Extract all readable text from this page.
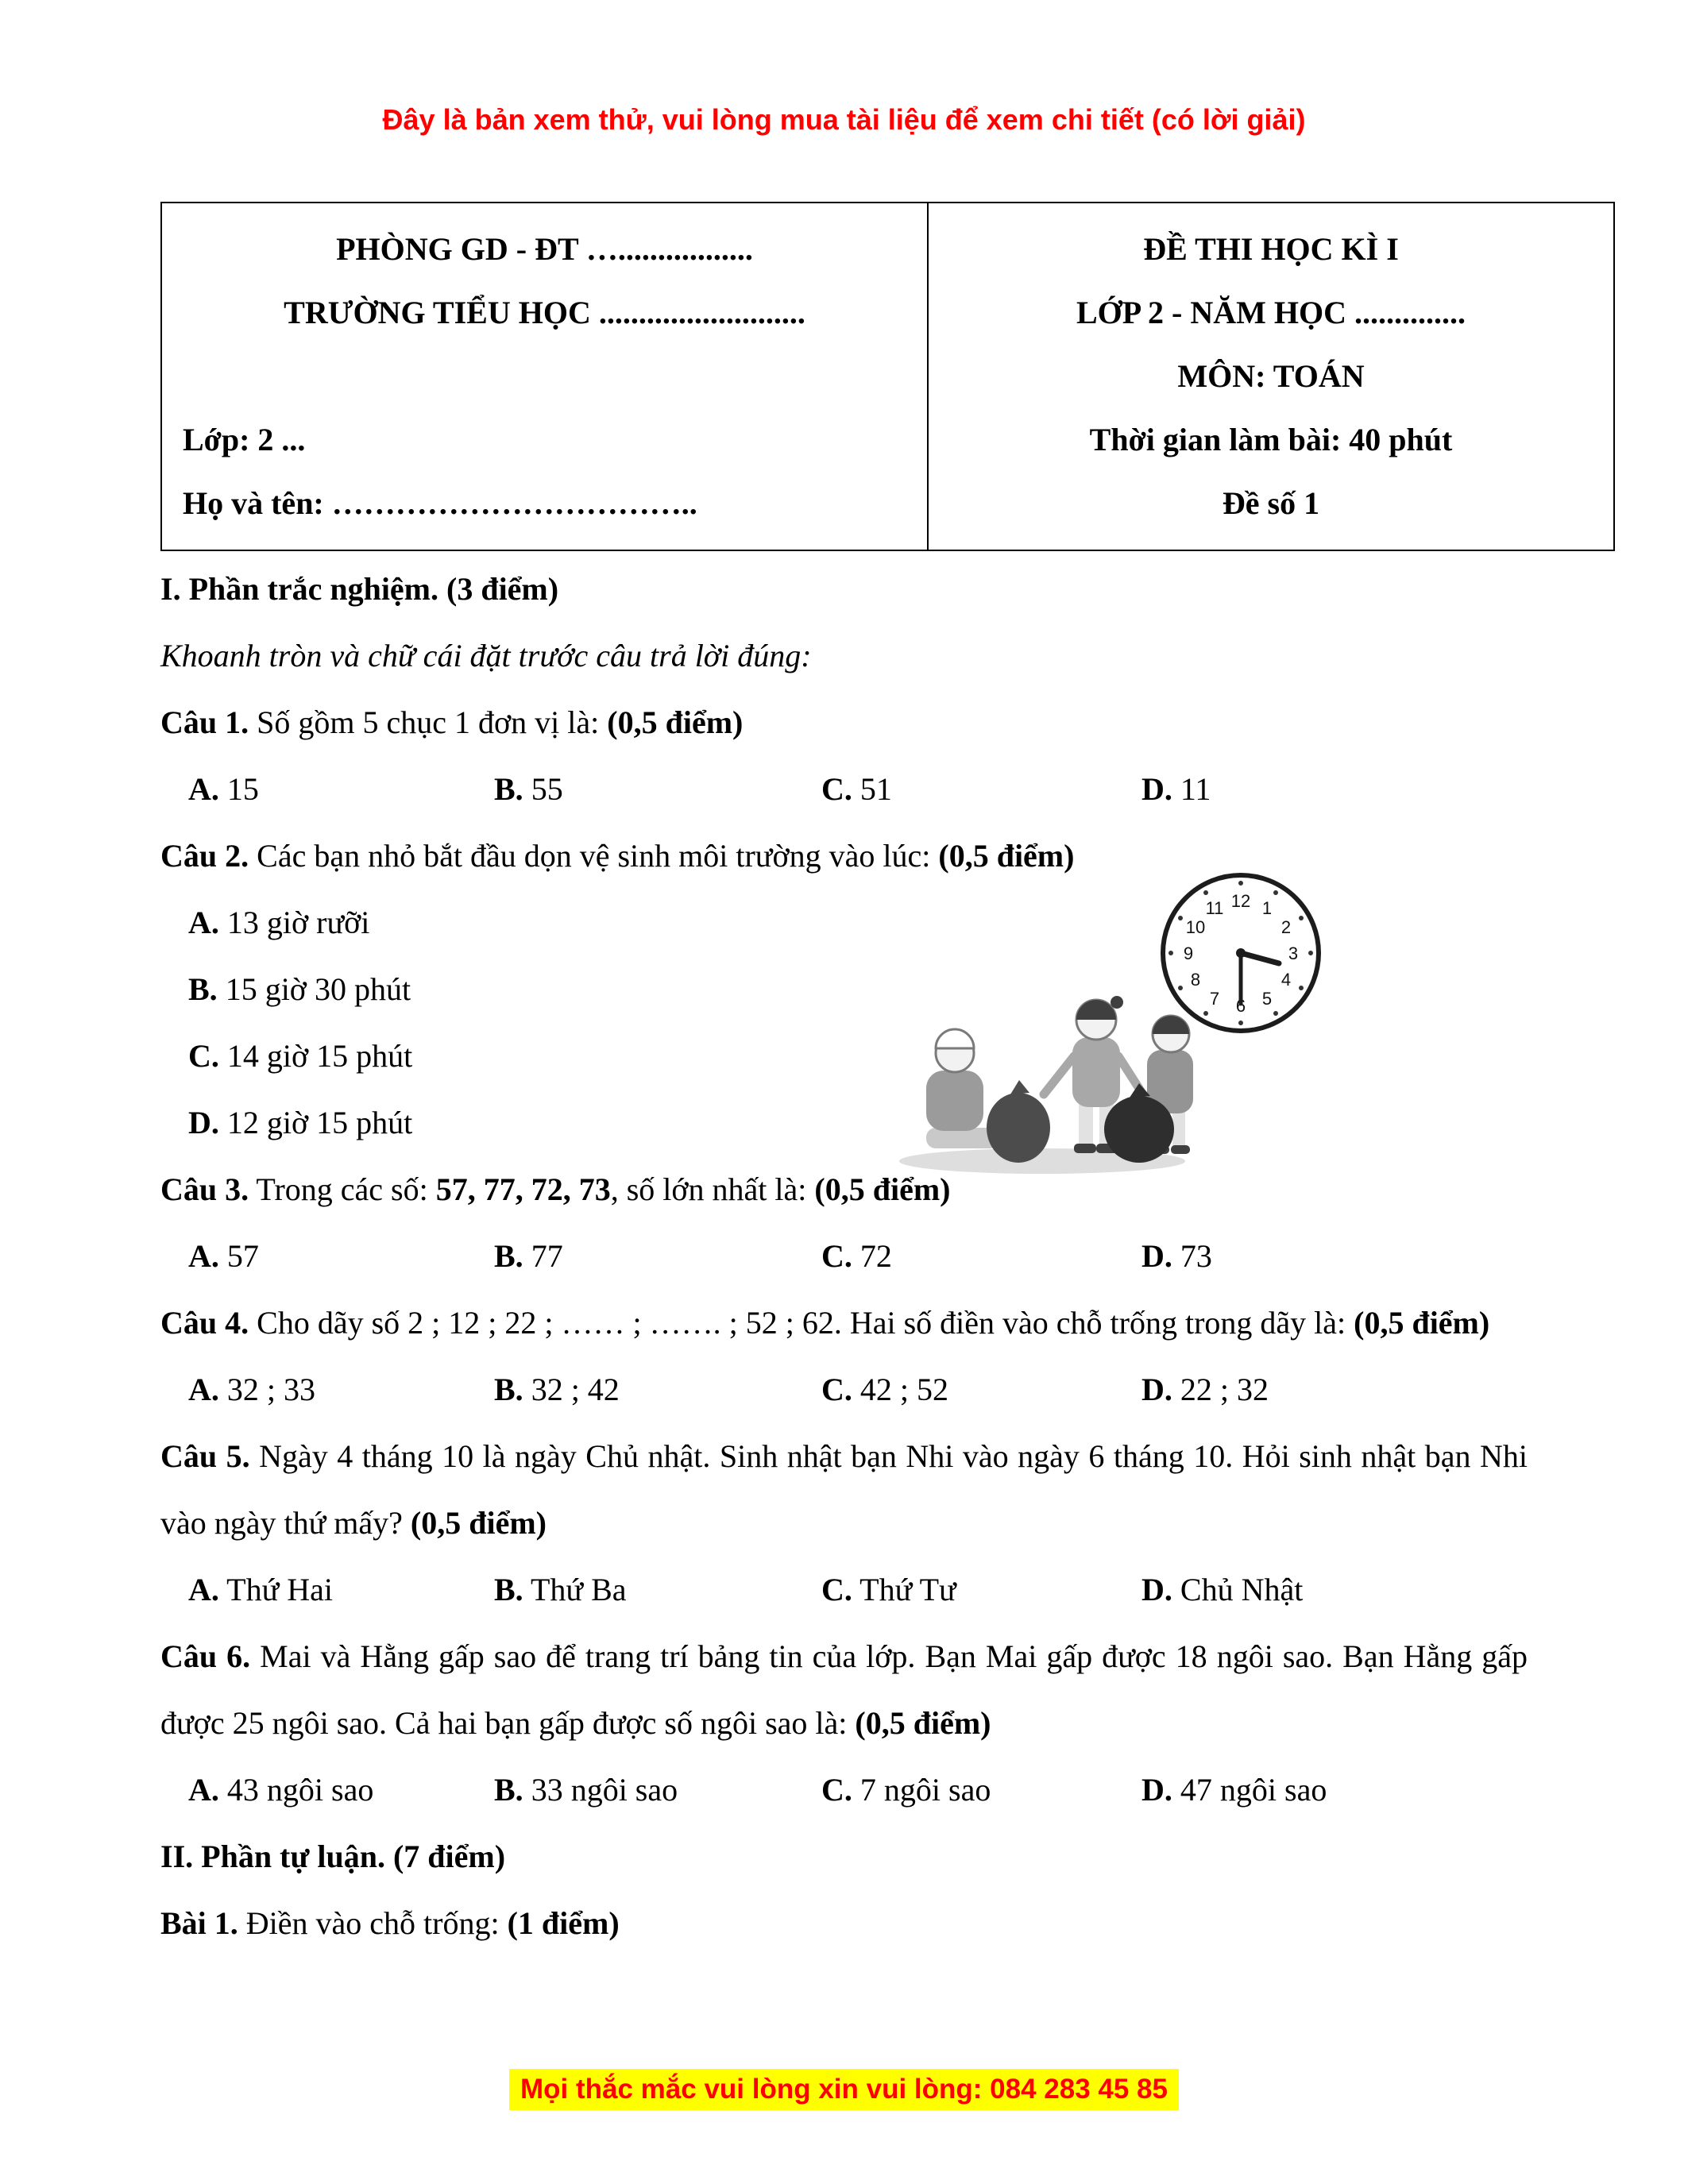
Đây là bản xem thử, vui lòng mua tài liệu để xem chi tiết (có lời giải)
PHÒNG GD - ĐT ….................
TRƯỜNG TIỂU HỌC ..........................
Lớp: 2 ...
Họ và tên: ……………………………..

ĐỀ THI HỌC KÌ I
LỚP 2 - NĂM HỌC ..............
MÔN: TOÁN
Thời gian làm bài: 40 phút
Đề số 1

I. Phần trắc nghiệm. (3 điểm)

Khoanh tròn và chữ cái đặt trước câu trả lời đúng:

Câu 1. Số gồm 5 chục 1 đơn vị là: (0,5 điểm)

A. 15	B. 55	C. 51	D. 11

Câu 2. Các bạn nhỏ bắt đầu dọn vệ sinh môi trường vào lúc: (0,5 điểm)

A. 13 giờ rưỡi
B. 15 giờ 30 phút
C. 14 giờ 15 phút
D. 12 giờ 15 phút
12 1
2
3
4
5
6
7
8
9
10
11

Câu 3. Trong các số: 57, 77, 72, 73, số lớn nhất là: (0,5 điểm)

A. 57	B. 77	C. 72	D. 73

Câu 4. Cho dãy số 2 ; 12 ; 22 ; …… ; ……. ; 52 ; 62. Hai số điền vào chỗ trống trong dãy là: (0,5 điểm)

A. 32 ; 33	B. 32 ; 42	C. 42 ; 52	D. 22 ; 32

Câu 5. Ngày 4 tháng 10 là ngày Chủ nhật. Sinh nhật bạn Nhi vào ngày 6 tháng 10. Hỏi sinh nhật bạn Nhi vào ngày thứ mấy? (0,5 điểm)

A. Thứ Hai	B. Thứ Ba	C. Thứ Tư	D. Chủ Nhật

Câu 6. Mai và Hằng gấp sao để trang trí bảng tin của lớp. Bạn Mai gấp được 18 ngôi sao. Bạn Hằng gấp được 25 ngôi sao. Cả hai bạn gấp được số ngôi sao là: (0,5 điểm)

A. 43 ngôi sao	B. 33 ngôi sao	C. 7 ngôi sao	D. 47 ngôi sao

II. Phần tự luận. (7 điểm)

Bài 1. Điền vào chỗ trống: (1 điểm)

Mọi thắc mắc vui lòng xin vui lòng: 084 283 45 85
